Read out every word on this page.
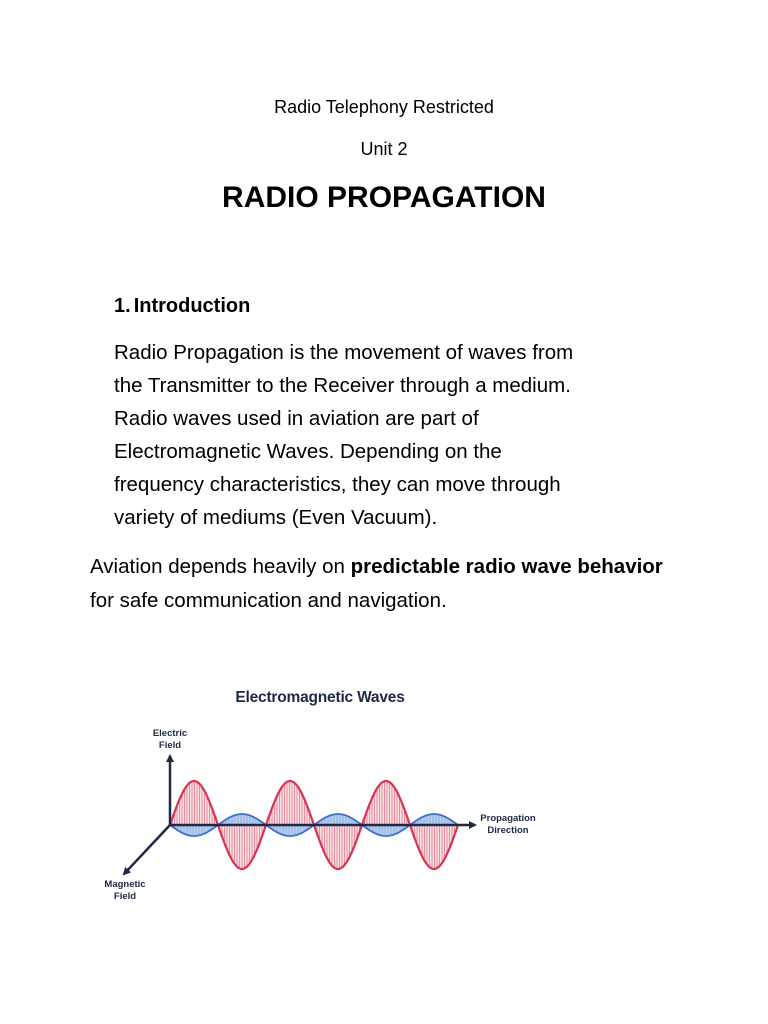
Radio Telephony Restricted
Unit 2
RADIO PROPAGATION
1. Introduction

Radio Propagation is the movement of waves from
the Transmitter to the Receiver through a medium.
Radio waves used in aviation are part of
Electromagnetic Waves. Depending on the
frequency characteristics, they can move through
variety of mediums (Even Vacuum).

Aviation depends heavily on predictable radio wave behavior for safe communication and navigation.

Electromagnetic Waves
Electric
Field
Magnetic
Field
Propagation
Direction
